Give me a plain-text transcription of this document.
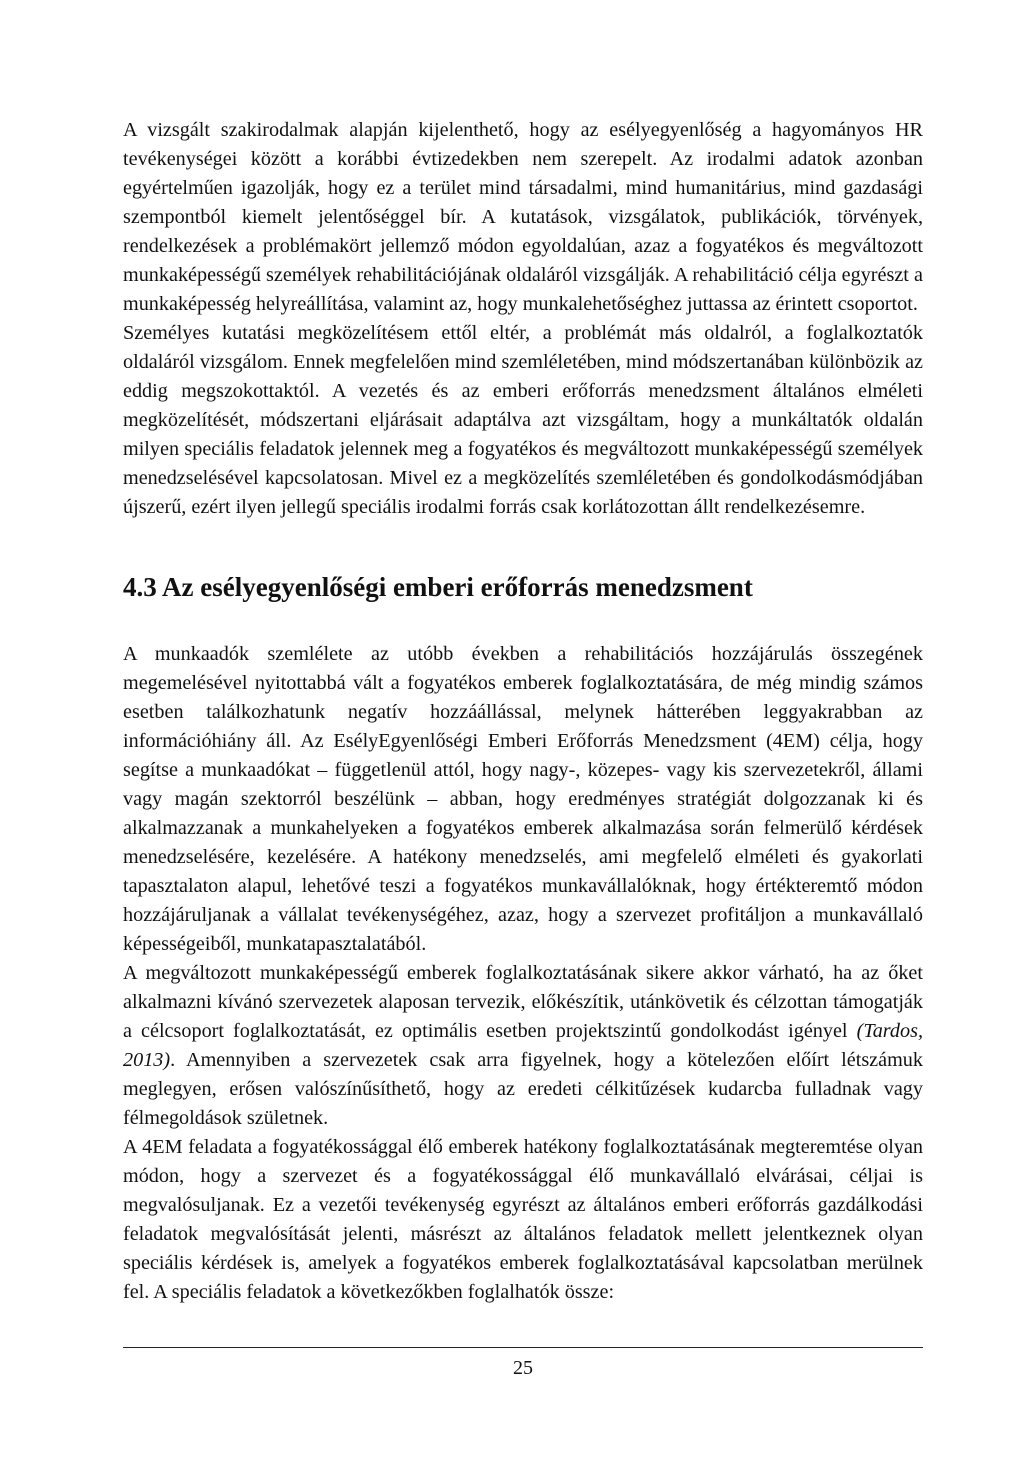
A vizsgált szakirodalmak alapján kijelenthető, hogy az esélyegyenlőség a hagyományos HR tevékenységei között a korábbi évtizedekben nem szerepelt. Az irodalmi adatok azonban egyértelműen igazolják, hogy ez a terület mind társadalmi, mind humanitárius, mind gazdasági szempontból kiemelt jelentőséggel bír. A kutatások, vizsgálatok, publikációk, törvények, rendelkezések a problémakört jellemző módon egyoldalúan, azaz a fogyatékos és megváltozott munkaképességű személyek rehabilitációjának oldaláról vizsgálják. A rehabilitáció célja egyrészt a munkaképesség helyreállítása, valamint az, hogy munkalehetőséghez juttassa az érintett csoportot.

Személyes kutatási megközelítésem ettől eltér, a problémát más oldalról, a foglalkoztatók oldaláról vizsgálom. Ennek megfelelően mind szemléletében, mind módszertanában különbözik az eddig megszokottaktól. A vezetés és az emberi erőforrás menedzsment általános elméleti megközelítését, módszertani eljárásait adaptálva azt vizsgáltam, hogy a munkáltatók oldalán milyen speciális feladatok jelennek meg a fogyatékos és megváltozott munkaképességű személyek menedzselésével kapcsolatosan. Mivel ez a megközelítés szemléletében és gondolkodásmódjában újszerű, ezért ilyen jellegű speciális irodalmi forrás csak korlátozottan állt rendelkezésemre.

4.3 Az esélyegyenlőségi emberi erőforrás menedzsment

A munkaadók szemlélete az utóbb években a rehabilitációs hozzájárulás összegének megemelésével nyitottabbá vált a fogyatékos emberek foglalkoztatására, de még mindig számos esetben találkozhatunk negatív hozzáállással, melynek hátterében leggyakrabban az információhiány áll. Az EsélyEgyenlőségi Emberi Erőforrás Menedzsment (4EM) célja, hogy segítse a munkaadókat – függetlenül attól, hogy nagy-, közepes- vagy kis szervezetekről, állami vagy magán szektorról beszélünk – abban, hogy eredményes stratégiát dolgozzanak ki és alkalmazzanak a munkahelyeken a fogyatékos emberek alkalmazása során felmerülő kérdések menedzselésére, kezelésére. A hatékony menedzselés, ami megfelelő elméleti és gyakorlati tapasztalaton alapul, lehetővé teszi a fogyatékos munkavállalóknak, hogy értékteremtő módon hozzájáruljanak a vállalat tevékenységéhez, azaz, hogy a szervezet profitáljon a munkavállaló képességeiből, munkatapasztalatából.

A megváltozott munkaképességű emberek foglalkoztatásának sikere akkor várható, ha az őket alkalmazni kívánó szervezetek alaposan tervezik, előkészítik, utánkövetik és célzottan támogatják a célcsoport foglalkoztatását, ez optimális esetben projektszintű gondolkodást igényel (Tardos, 2013). Amennyiben a szervezetek csak arra figyelnek, hogy a kötelezően előírt létszámuk meglegyen, erősen valószínűsíthető, hogy az eredeti célkitűzések kudarcba fulladnak vagy félmegoldások születnek.

A 4EM feladata a fogyatékossággal élő emberek hatékony foglalkoztatásának megteremtése olyan módon, hogy a szervezet és a fogyatékossággal élő munkavállaló elvárásai, céljai is megvalósuljanak. Ez a vezetői tevékenység egyrészt az általános emberi erőforrás gazdálkodási feladatok megvalósítását jelenti, másrészt az általános feladatok mellett jelentkeznek olyan speciális kérdések is, amelyek a fogyatékos emberek foglalkoztatásával kapcsolatban merülnek fel. A speciális feladatok a következőkben foglalhatók össze:

25
